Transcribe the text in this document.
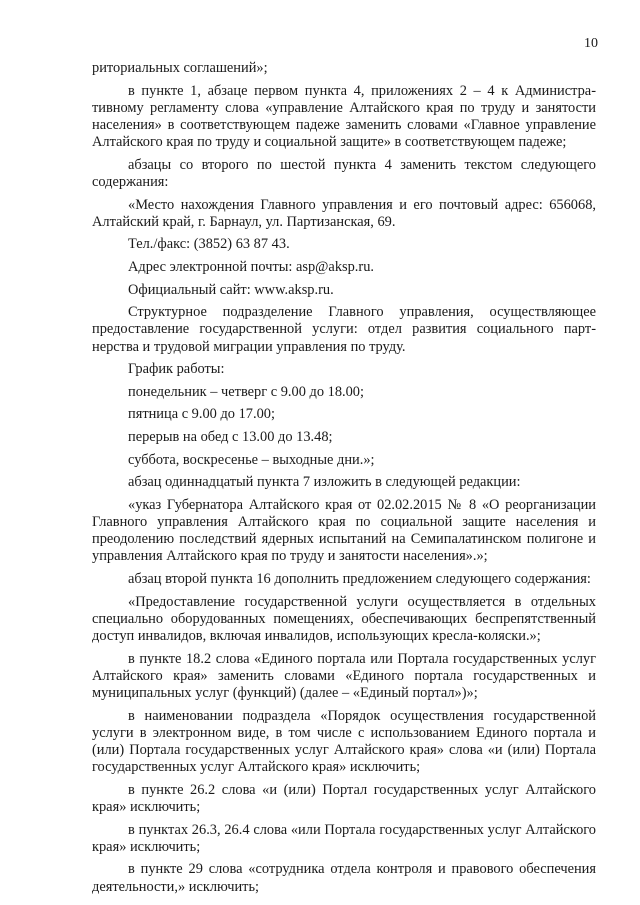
10

риториальных соглашений»;

в пункте 1, абзаце первом пункта 4, приложениях 2 – 4 к Административному регламенту слова «управление Алтайского края по труду и занятости населения» в соответствующем падеже заменить словами «Главное управление Алтайского края по труду и социальной защите» в соответствующем падеже;

абзацы со второго по шестой пункта 4 заменить текстом следующего содержания:

«Место нахождения Главного управления и его почтовый адрес: 656068, Алтайский край, г. Барнаул, ул. Партизанская, 69.

Тел./факс: (3852) 63 87 43.

Адрес электронной почты: asp@aksp.ru.

Официальный сайт: www.aksp.ru.

Структурное подразделение Главного управления, осуществляющее предоставление государственной услуги: отдел развития социального партнерства и трудовой миграции управления по труду.

График работы:

понедельник – четверг с 9.00 до 18.00;

пятница с 9.00 до 17.00;

перерыв на обед с 13.00 до 13.48;

суббота, воскресенье – выходные дни.»;

абзац одиннадцатый пункта 7 изложить в следующей редакции:

«указ Губернатора Алтайского края от 02.02.2015 № 8 «О реорганизации Главного управления Алтайского края по социальной защите населения и преодолению последствий ядерных испытаний на Семипалатинском полигоне и управления Алтайского края по труду и занятости населения».»;

абзац второй пункта 16 дополнить предложением следующего содержания:

«Предоставление государственной услуги осуществляется в отдельных специально оборудованных помещениях, обеспечивающих беспрепятственный доступ инвалидов, включая инвалидов, использующих кресла-коляски.»;

в пункте 18.2 слова «Единого портала или Портала государственных услуг Алтайского края» заменить словами «Единого портала государственных и муниципальных услуг (функций) (далее – «Единый портал»)»;

в наименовании подраздела «Порядок осуществления государственной услуги в электронном виде, в том числе с использованием Единого портала и (или) Портала государственных услуг Алтайского края» слова «и (или) Портала государственных услуг Алтайского края» исключить;

в пункте 26.2 слова «и (или) Портал государственных услуг Алтайского края» исключить;

в пунктах 26.3, 26.4 слова «или Портала государственных услуг Алтайского края» исключить;

в пункте 29 слова «сотрудника отдела контроля и правового обеспечения деятельности,» исключить;
